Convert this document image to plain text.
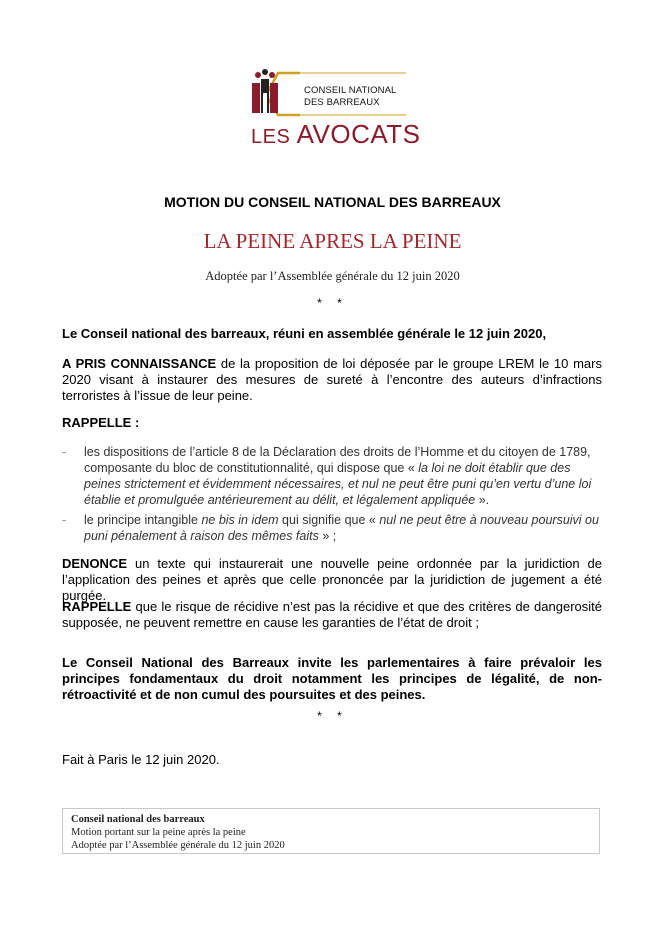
CONSEIL NATIONAL
DES BARREAUX
LES AVOCATS
MOTION DU CONSEIL NATIONAL DES BARREAUX
LA PEINE APRES LA PEINE
Adoptée par l’Assemblée générale du 12 juin 2020
* *
Le Conseil national des barreaux, réuni en assemblée générale le 12 juin 2020,
A PRIS CONNAISSANCE de la proposition de loi déposée par le groupe LREM le 10 mars 2020 visant à instaurer des mesures de sureté à l’encontre des auteurs d’infractions terroristes à l’issue de leur peine.
RAPPELLE :
- les dispositions de l’article 8 de la Déclaration des droits de l’Homme et du citoyen de 1789, composante du bloc de constitutionnalité, qui dispose que « la loi ne doit établir que des peines strictement et évidemment nécessaires, et nul ne peut être puni qu’en vertu d’une loi établie et promulguée antérieurement au délit, et légalement appliquée ».
- le principe intangible ne bis in idem qui signifie que « nul ne peut être à nouveau poursuivi ou puni pénalement à raison des mêmes faits » ;
DENONCE un texte qui instaurerait une nouvelle peine ordonnée par la juridiction de l’application des peines et après que celle prononcée par la juridiction de jugement a été purgée.
RAPPELLE que le risque de récidive n’est pas la récidive et que des critères de dangerosité supposée, ne peuvent remettre en cause les garanties de l’état de droit ;
Le Conseil National des Barreaux invite les parlementaires à faire prévaloir les principes fondamentaux du droit notamment les principes de légalité, de non-rétroactivité et de non cumul des poursuites et des peines.
* *
Fait à Paris le 12 juin 2020.
Conseil national des barreaux
Motion portant sur la peine après la peine
Adoptée par l’Assemblée générale du 12 juin 2020
